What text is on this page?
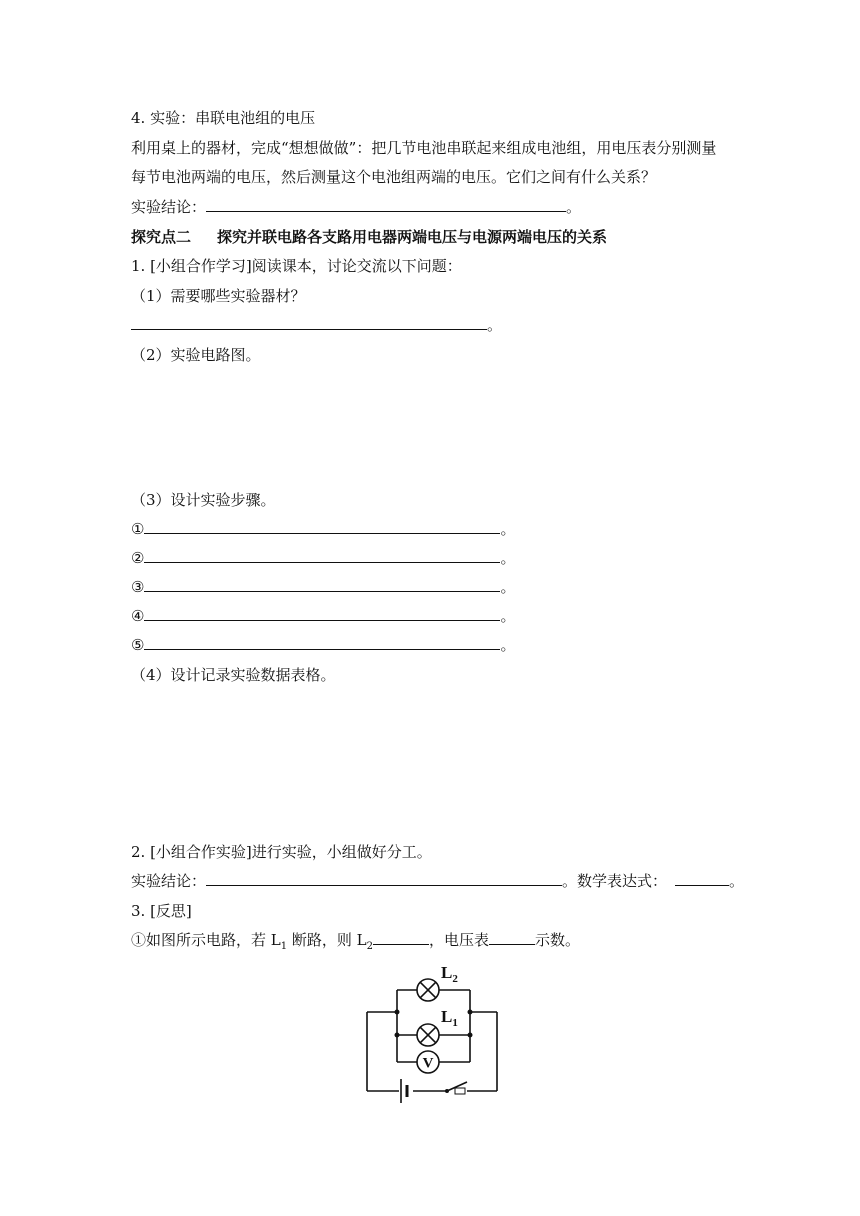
4. 实验：串联电池组的电压
利用桌上的器材，完成“想想做做”：把几节电池串联起来组成电池组，用电压表分别测量
每节电池两端的电压，然后测量这个电池组两端的电压。它们之间有什么关系？
实验结论：	。
探究点二 探究并联电路各支路用电器两端电压与电源两端电压的关系
1. [小组合作学习]阅读课本，讨论交流以下问题：
（1）需要哪些实验器材？
。
（2）实验电路图。
（3）设计实验步骤。
①	。
②	。
③	。
④	。
⑤	。
（4）设计记录实验数据表格。
2. [小组合作实验]进行实验，小组做好分工。
实验结论：	。数学表达式：	。
3. [反思]
①如图所示电路，若 $L_1$ 断路，则 $L_2$	，电压表	示数。
V
$L_2$
$L_1$
